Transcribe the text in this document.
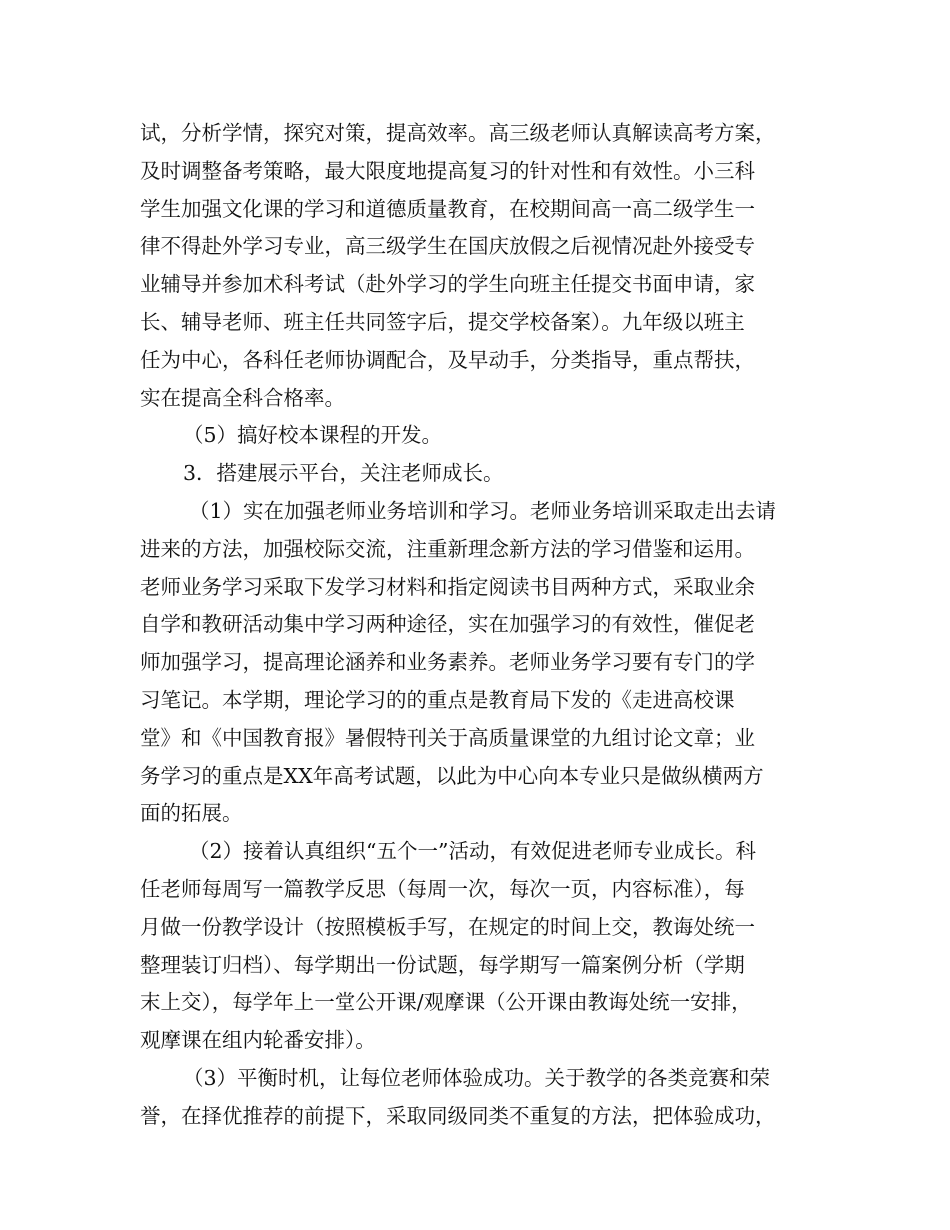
试，分析学情，探究对策，提高效率。高三级老师认真解读高考方案，
及时调整备考策略，最大限度地提高复习的针对性和有效性。小三科
学生加强文化课的学习和道德质量教育，在校期间高一高二级学生一
律不得赴外学习专业，高三级学生在国庆放假之后视情况赴外接受专
业辅导并参加术科考试（赴外学习的学生向班主任提交书面申请，家
长、辅导老师、班主任共同签字后，提交学校备案）。九年级以班主
任为中心，各科任老师协调配合，及早动手，分类指导，重点帮扶，
实在提高全科合格率。
（5）搞好校本课程的开发。
3．搭建展示平台，关注老师成长。
（1）实在加强老师业务培训和学习。老师业务培训采取走出去请
进来的方法，加强校际交流，注重新理念新方法的学习借鉴和运用。
老师业务学习采取下发学习材料和指定阅读书目两种方式，采取业余
自学和教研活动集中学习两种途径，实在加强学习的有效性，催促老
师加强学习，提高理论涵养和业务素养。老师业务学习要有专门的学
习笔记。本学期，理论学习的的重点是教育局下发的《走进高校课
堂》和《中国教育报》暑假特刊关于高质量课堂的九组讨论文章；业
务学习的重点是XX年高考试题，以此为中心向本专业只是做纵横两方
面的拓展。
（2）接着认真组织“五个一”活动，有效促进老师专业成长。科
任老师每周写一篇教学反思（每周一次，每次一页，内容标准），每
月做一份教学设计（按照模板手写，在规定的时间上交，教诲处统一
整理装订归档）、每学期出一份试题，每学期写一篇案例分析（学期
末上交），每学年上一堂公开课/观摩课（公开课由教诲处统一安排，
观摩课在组内轮番安排）。
（3）平衡时机，让每位老师体验成功。关于教学的各类竞赛和荣
誉，在择优推荐的前提下，采取同级同类不重复的方法，把体验成功，
